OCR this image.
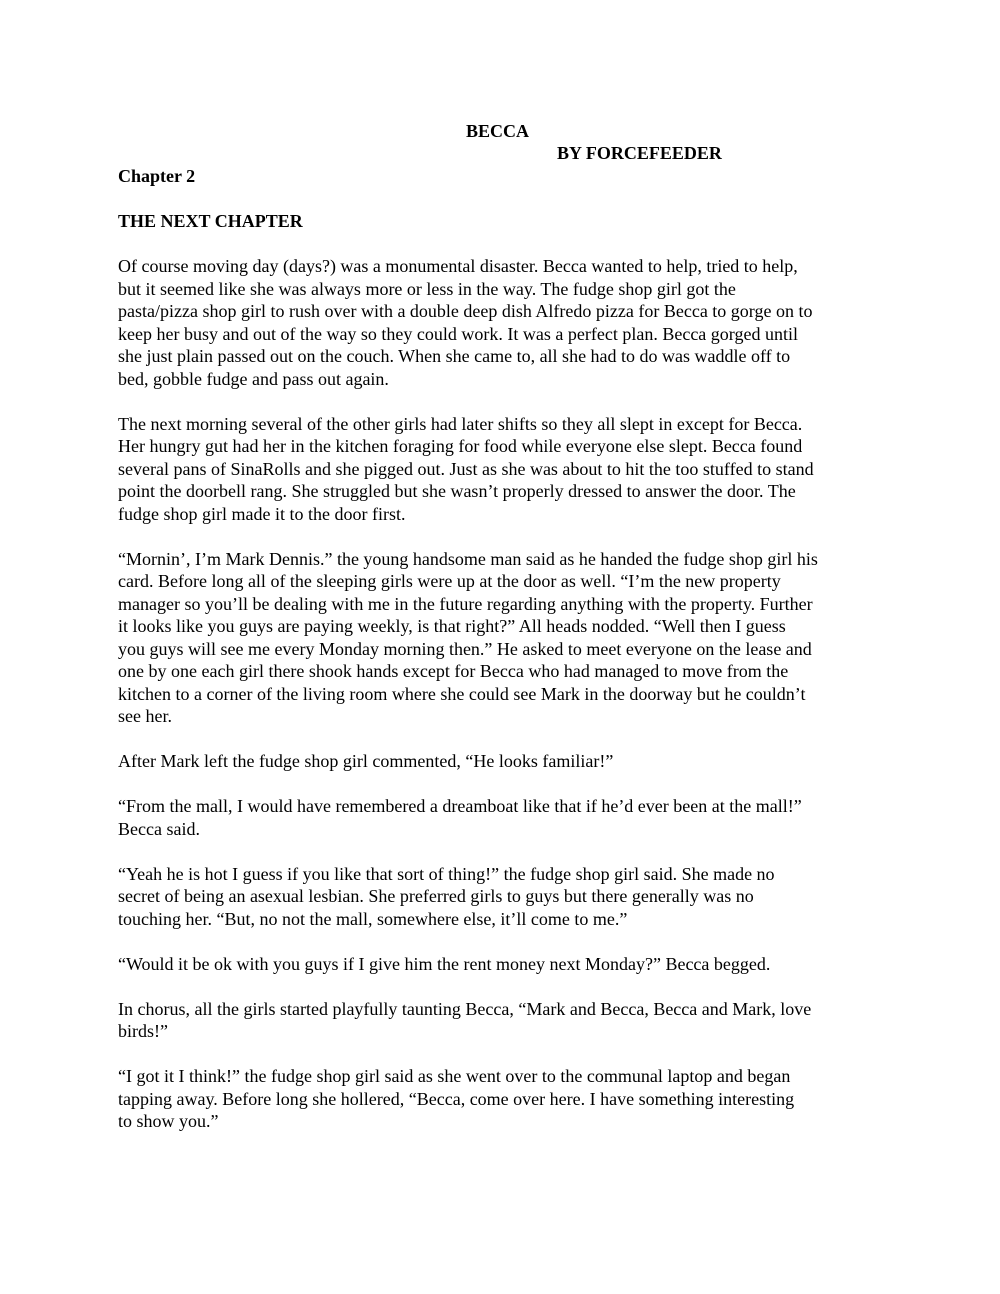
BECCA
BY FORCEFEEDER
Chapter 2
THE NEXT CHAPTER

Of course moving day (days?) was a monumental disaster. Becca wanted to help, tried to help,
but it seemed like she was always more or less in the way. The fudge shop girl got the
pasta/pizza shop girl to rush over with a double deep dish Alfredo pizza for Becca to gorge on to
keep her busy and out of the way so they could work. It was a perfect plan. Becca gorged until
she just plain passed out on the couch. When she came to, all she had to do was waddle off to
bed, gobble fudge and pass out again.

The next morning several of the other girls had later shifts so they all slept in except for Becca.
Her hungry gut had her in the kitchen foraging for food while everyone else slept. Becca found
several pans of SinaRolls and she pigged out. Just as she was about to hit the too stuffed to stand
point the doorbell rang. She struggled but she wasn’t properly dressed to answer the door. The
fudge shop girl made it to the door first.

“Mornin’, I’m Mark Dennis.” the young handsome man said as he handed the fudge shop girl his
card. Before long all of the sleeping girls were up at the door as well. “I’m the new property
manager so you’ll be dealing with me in the future regarding anything with the property. Further
it looks like you guys are paying weekly, is that right?” All heads nodded. “Well then I guess
you guys will see me every Monday morning then.” He asked to meet everyone on the lease and
one by one each girl there shook hands except for Becca who had managed to move from the
kitchen to a corner of the living room where she could see Mark in the doorway but he couldn’t
see her.

After Mark left the fudge shop girl commented, “He looks familiar!”

“From the mall, I would have remembered a dreamboat like that if he’d ever been at the mall!”
Becca said.

“Yeah he is hot I guess if you like that sort of thing!” the fudge shop girl said. She made no
secret of being an asexual lesbian. She preferred girls to guys but there generally was no
touching her. “But, no not the mall, somewhere else, it’ll come to me.”

“Would it be ok with you guys if I give him the rent money next Monday?” Becca begged.

In chorus, all the girls started playfully taunting Becca, “Mark and Becca, Becca and Mark, love
birds!”

“I got it I think!” the fudge shop girl said as she went over to the communal laptop and began
tapping away. Before long she hollered, “Becca, come over here. I have something interesting
to show you.”
